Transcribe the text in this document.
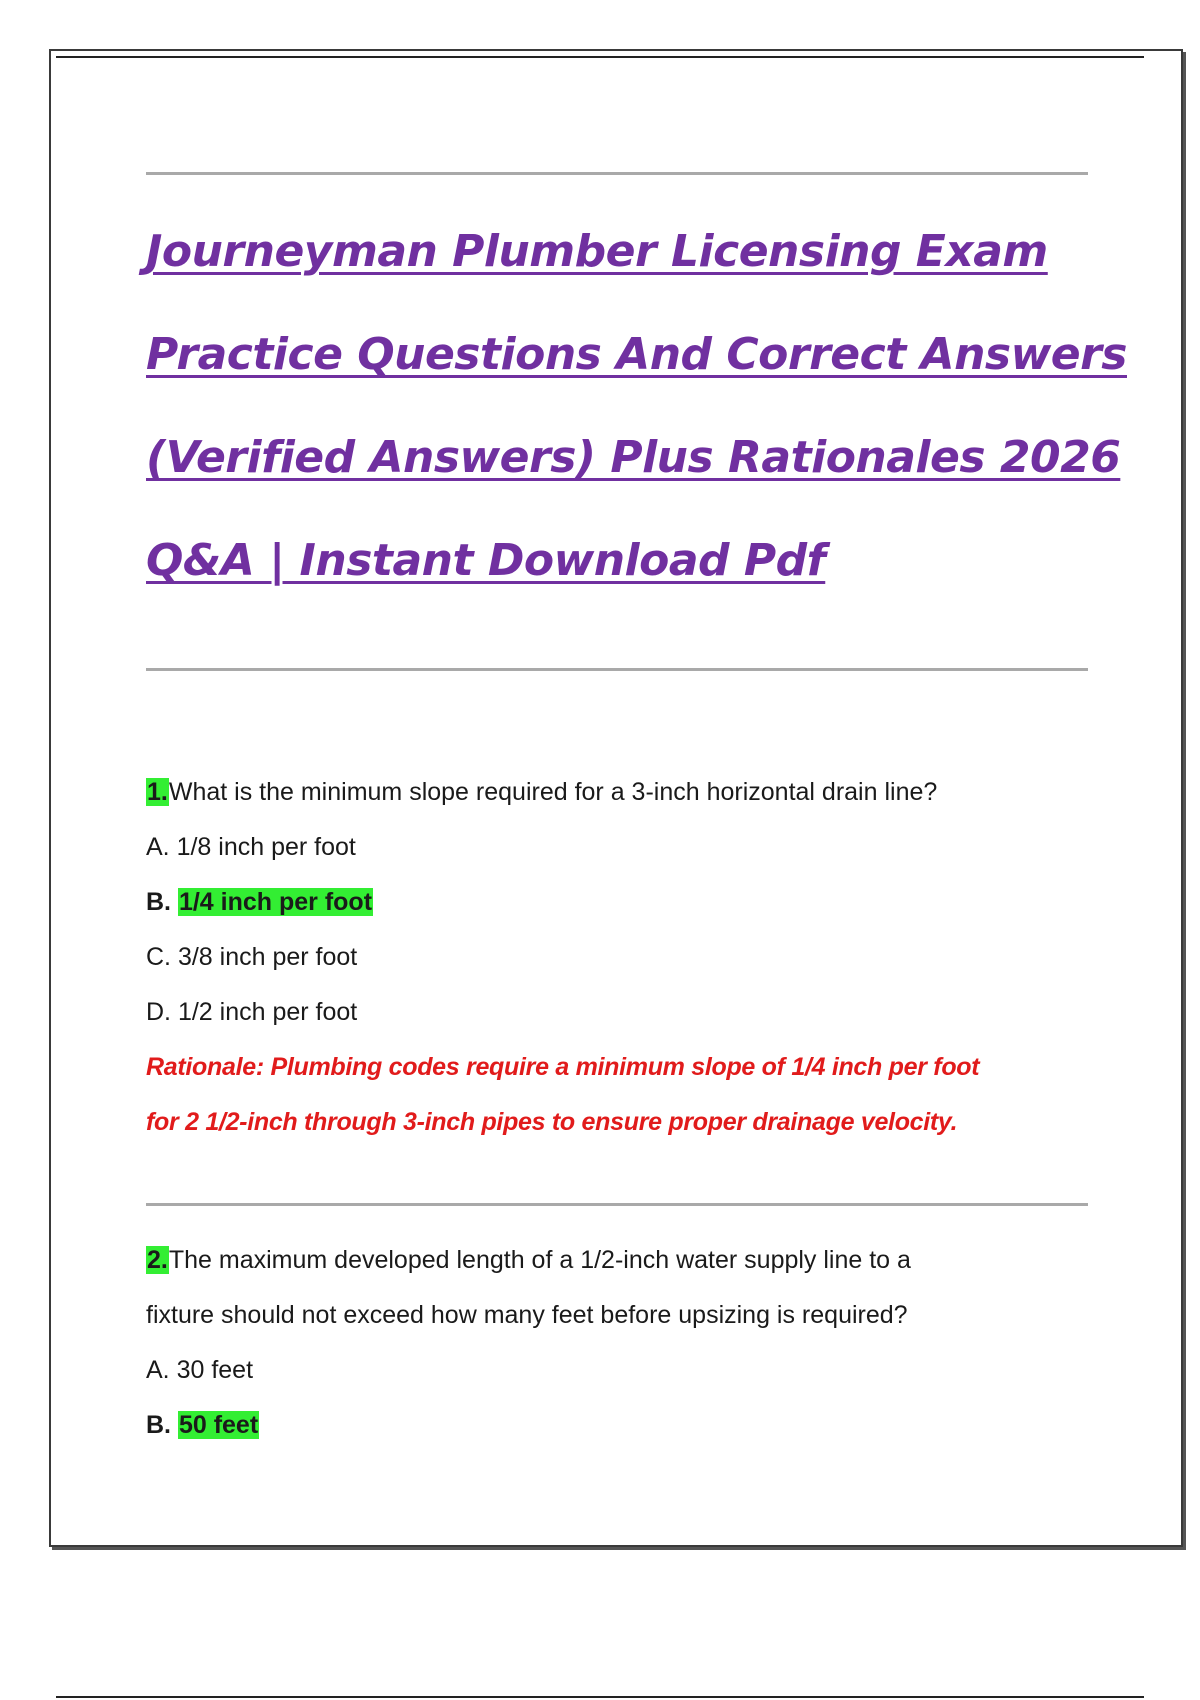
Journeyman Plumber Licensing Exam
Practice Questions And Correct Answers
(Verified Answers) Plus Rationales 2026
Q&A | Instant Download Pdf
1.What is the minimum slope required for a 3-inch horizontal drain line?
A. 1/8 inch per foot
B. 1/4 inch per foot
C. 3/8 inch per foot
D. 1/2 inch per foot
Rationale: Plumbing codes require a minimum slope of 1/4 inch per foot
for 2 1/2-inch through 3-inch pipes to ensure proper drainage velocity.
2.The maximum developed length of a 1/2-inch water supply line to a
fixture should not exceed how many feet before upsizing is required?
A. 30 feet
B. 50 feet
